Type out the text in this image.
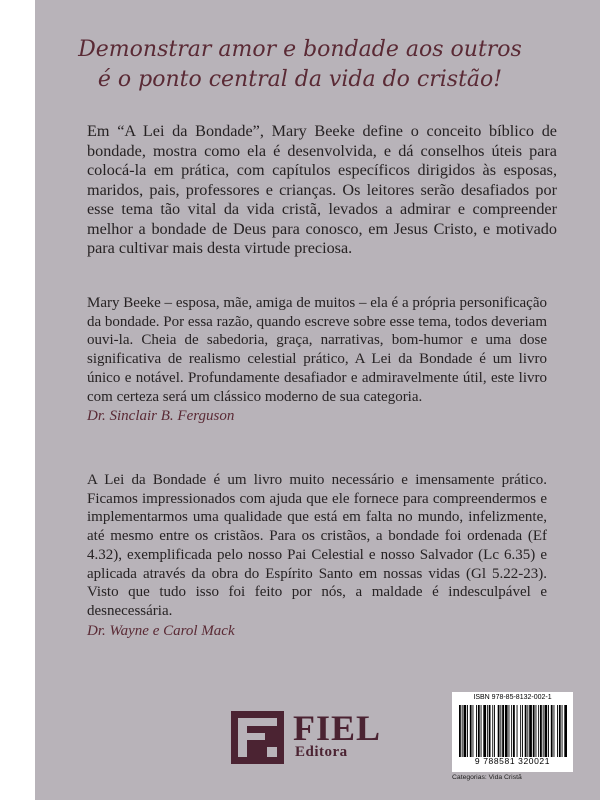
Demonstrar amor e bondade aos outros
é o ponto central da vida do cristão!
Em “A Lei da Bondade”, Mary Beeke define o conceito bíblico de bondade, mostra como ela é desenvolvida, e dá conselhos úteis para colocá-la em prática, com capítulos específicos dirigidos às esposas, maridos, pais, professores e crianças. Os leitores serão desafiados por esse tema tão vital da vida cristã, levados a admirar e compreender melhor a bondade de Deus para conosco, em Jesus Cristo, e motivado para cultivar mais desta virtude preciosa.
Mary Beeke – esposa, mãe, amiga de muitos – ela é a própria personificação da bondade. Por essa razão, quando escreve sobre esse tema, todos deveriam ouvi-la. Cheia de sabedoria, graça, narrativas, bom-humor e uma dose significativa de realismo celestial prático, A Lei da Bondade é um livro único e notável. Profundamente desafiador e admiravelmente útil, este livro com certeza será um clássico moderno de sua categoria.
Dr. Sinclair B. Ferguson
A Lei da Bondade é um livro muito necessário e imensamente prático. Ficamos impressionados com ajuda que ele fornece para compreendermos e implementarmos uma qualidade que está em falta no mundo, infelizmente, até mesmo entre os cristãos. Para os cristãos, a bondade foi ordenada (Ef 4.32), exemplificada pelo nosso Pai Celestial e nosso Salvador (Lc 6.35) e aplicada através da obra do Espírito Santo em nossas vidas (Gl 5.22-23). Visto que tudo isso foi feito por nós, a maldade é indesculpável e desnecessária.
Dr. Wayne e Carol Mack
FIEL
Editora
ISBN 978-85-8132-002-1
9 788581 320021
Categorias: Vida Cristã
